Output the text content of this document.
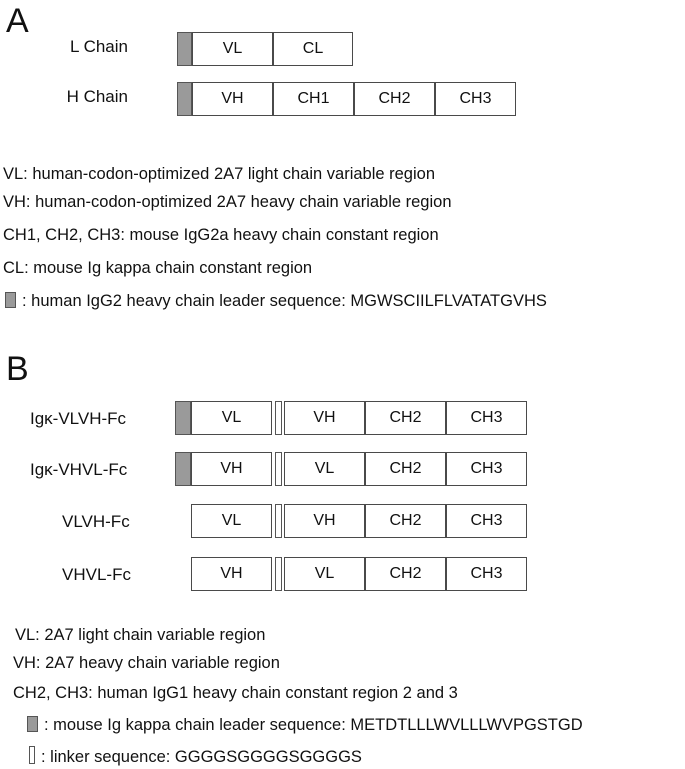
A
L Chain	VL	CL
H Chain	VH	CH1	CH2	CH3
VL: human-codon-optimized 2A7 light chain variable region
VH: human-codon-optimized 2A7 heavy chain variable region
CH1, CH2, CH3: mouse IgG2a heavy chain constant region
CL: mouse Ig kappa chain constant region
: human IgG2 heavy chain leader sequence: MGWSCIILFLVATATGVHS
B
Igκ-VLVH-Fc	VL	VH	CH2	CH3
Igκ-VHVL-Fc	VH	VL	CH2	CH3
VLVH-Fc	VL	VH	CH2	CH3
VHVL-Fc	VH	VL	CH2	CH3
VL: 2A7 light chain variable region
VH: 2A7 heavy chain variable region
CH2, CH3: human IgG1 heavy chain constant region 2 and 3
: mouse Ig kappa chain leader sequence: METDTLLLWVLLLWVPGSTGD
: linker sequence: GGGGSGGGGSGGGGS
